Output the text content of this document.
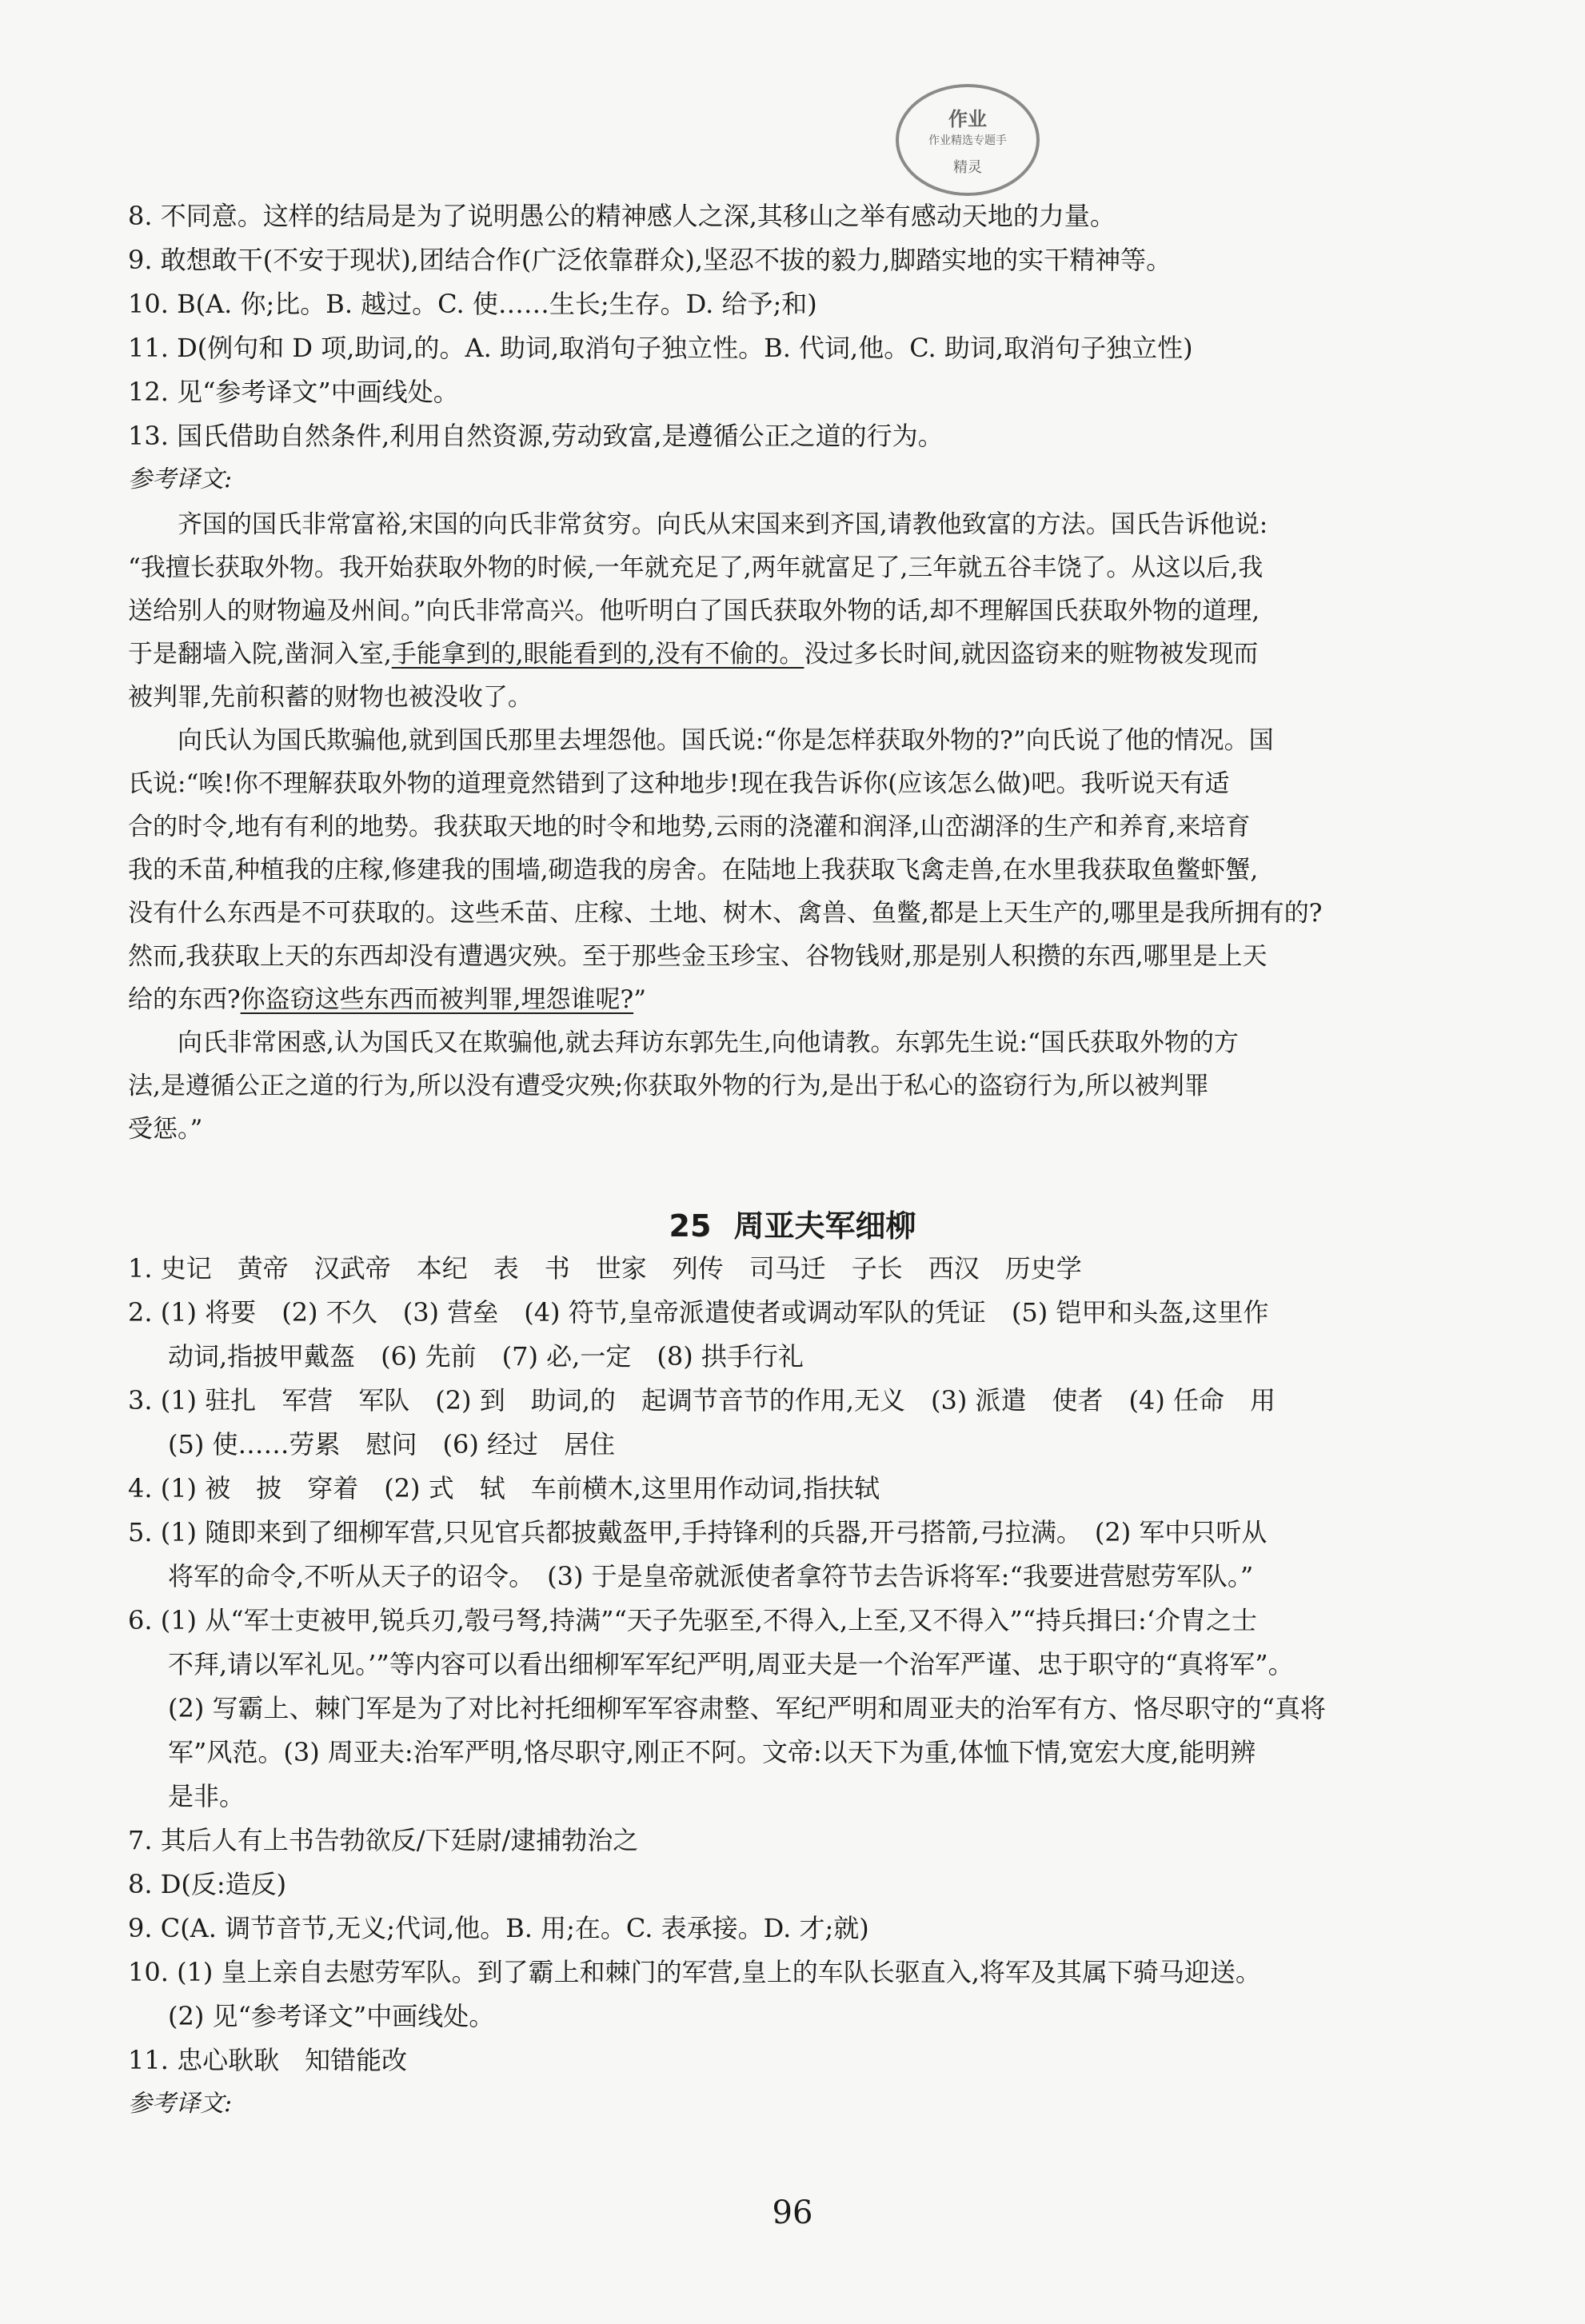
作业
作业精选专题手
精灵
8. 不同意。这样的结局是为了说明愚公的精神感人之深,其移山之举有感动天地的力量。
9. 敢想敢干(不安于现状),团结合作(广泛依靠群众),坚忍不拔的毅力,脚踏实地的实干精神等。
10. B(A. 你;比。B. 越过。C. 使……生长;生存。D. 给予;和)
11. D(例句和 D 项,助词,的。A. 助词,取消句子独立性。B. 代词,他。C. 助词,取消句子独立性)
12. 见“参考译文”中画线处。
13. 国氏借助自然条件,利用自然资源,劳动致富,是遵循公正之道的行为。
参考译文:
齐国的国氏非常富裕,宋国的向氏非常贫穷。向氏从宋国来到齐国,请教他致富的方法。国氏告诉他说:
“我擅长获取外物。我开始获取外物的时候,一年就充足了,两年就富足了,三年就五谷丰饶了。从这以后,我
送给别人的财物遍及州间。”向氏非常高兴。他听明白了国氏获取外物的话,却不理解国氏获取外物的道理,
于是翻墙入院,凿洞入室,手能拿到的,眼能看到的,没有不偷的。没过多长时间,就因盗窃来的赃物被发现而
被判罪,先前积蓄的财物也被没收了。
向氏认为国氏欺骗他,就到国氏那里去埋怨他。国氏说:“你是怎样获取外物的?”向氏说了他的情况。国
氏说:“唉!你不理解获取外物的道理竟然错到了这种地步!现在我告诉你(应该怎么做)吧。我听说天有适
合的时令,地有有利的地势。我获取天地的时令和地势,云雨的浇灌和润泽,山峦湖泽的生产和养育,来培育
我的禾苗,种植我的庄稼,修建我的围墙,砌造我的房舍。在陆地上我获取飞禽走兽,在水里我获取鱼鳖虾蟹,
没有什么东西是不可获取的。这些禾苗、庄稼、土地、树木、禽兽、鱼鳖,都是上天生产的,哪里是我所拥有的?
然而,我获取上天的东西却没有遭遇灾殃。至于那些金玉珍宝、谷物钱财,那是别人积攒的东西,哪里是上天
给的东西?你盗窃这些东西而被判罪,埋怨谁呢?”
向氏非常困惑,认为国氏又在欺骗他,就去拜访东郭先生,向他请教。东郭先生说:“国氏获取外物的方
法,是遵循公正之道的行为,所以没有遭受灾殃;你获取外物的行为,是出于私心的盗窃行为,所以被判罪
受惩。”
25 周亚夫军细柳
1. 史记　黄帝　汉武帝　本纪　表　书　世家　列传　司马迁　子长　西汉　历史学
2. (1) 将要　(2) 不久　(3) 营垒　(4) 符节,皇帝派遣使者或调动军队的凭证　(5) 铠甲和头盔,这里作
动词,指披甲戴盔　(6) 先前　(7) 必,一定　(8) 拱手行礼
3. (1) 驻扎　军营　军队　(2) 到　助词,的　起调节音节的作用,无义　(3) 派遣　使者　(4) 任命　用
(5) 使……劳累　慰问　(6) 经过　居住
4. (1) 被　披　穿着　(2) 式　轼　车前横木,这里用作动词,指扶轼
5. (1) 随即来到了细柳军营,只见官兵都披戴盔甲,手持锋利的兵器,开弓搭箭,弓拉满。　(2) 军中只听从
将军的命令,不听从天子的诏令。　(3) 于是皇帝就派使者拿符节去告诉将军:“我要进营慰劳军队。”
6. (1) 从“军士吏被甲,锐兵刃,彀弓弩,持满”“天子先驱至,不得入,上至,又不得入”“持兵揖曰:‘介胄之士
不拜,请以军礼见。’”等内容可以看出细柳军军纪严明,周亚夫是一个治军严谨、忠于职守的“真将军”。
(2) 写霸上、棘门军是为了对比衬托细柳军军容肃整、军纪严明和周亚夫的治军有方、恪尽职守的“真将
军”风范。(3) 周亚夫:治军严明,恪尽职守,刚正不阿。文帝:以天下为重,体恤下情,宽宏大度,能明辨
是非。
7. 其后人有上书告勃欲反/下廷尉/逮捕勃治之
8. D(反:造反)
9. C(A. 调节音节,无义;代词,他。B. 用;在。C. 表承接。D. 才;就)
10. (1) 皇上亲自去慰劳军队。到了霸上和棘门的军营,皇上的车队长驱直入,将军及其属下骑马迎送。
(2) 见“参考译文”中画线处。
11. 忠心耿耿　知错能改
参考译文:
96
